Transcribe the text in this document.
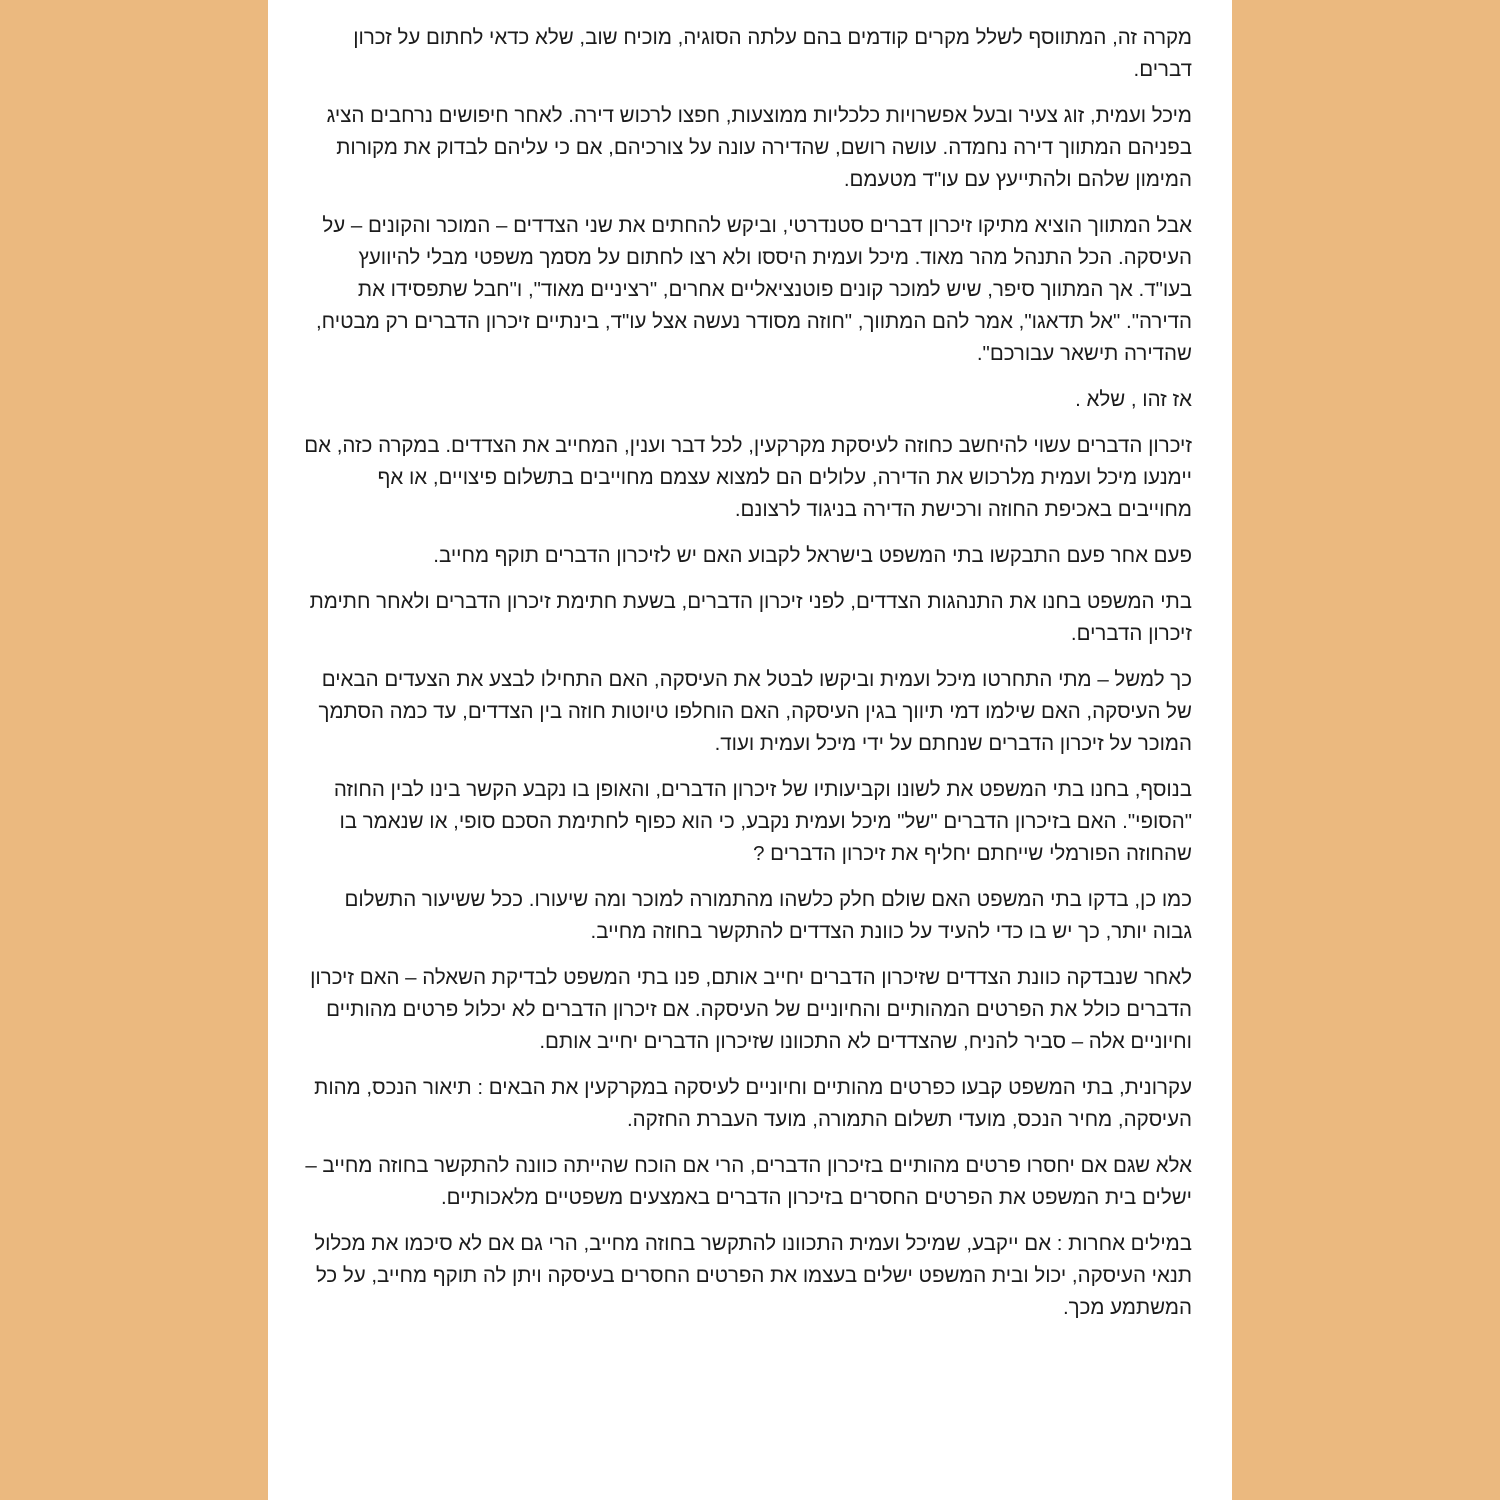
מקרה זה, המתווסף לשלל מקרים קודמים בהם עלתה הסוגיה, מוכיח שוב, שלא כדאי לחתום על זכרון דברים.

מיכל ועמית, זוג צעיר ובעל אפשרויות כלכליות ממוצעות, חפצו לרכוש דירה. לאחר חיפושים נרחבים הציג בפניהם המתווך דירה נחמדה. עושה רושם, שהדירה עונה על צורכיהם, אם כי עליהם לבדוק את מקורות המימון שלהם ולהתייעץ עם עו"ד מטעמם.

אבל המתווך הוציא מתיקו זיכרון דברים סטנדרטי, וביקש להחתים את שני הצדדים – המוכר והקונים – על העיסקה. הכל התנהל מהר מאוד. מיכל ועמית היססו ולא רצו לחתום על מסמך משפטי מבלי להיוועץ בעו"ד. אך המתווך סיפר, שיש למוכר קונים פוטנציאליים אחרים, "רציניים מאוד", ו"חבל שתפסידו את הדירה". "אל תדאגו", אמר להם המתווך, "חוזה מסודר נעשה אצל עו"ד, בינתיים זיכרון הדברים רק מבטיח, שהדירה תישאר עבורכם".

אז זהו , שלא .

זיכרון הדברים עשוי להיחשב כחוזה לעיסקת מקרקעין, לכל דבר וענין, המחייב את הצדדים. במקרה כזה, אם יימנעו מיכל ועמית מלרכוש את הדירה, עלולים הם למצוא עצמם מחוייבים בתשלום פיצויים, או אף מחוייבים באכיפת החוזה ורכישת הדירה בניגוד לרצונם.

פעם אחר פעם התבקשו בתי המשפט בישראל לקבוע האם יש לזיכרון הדברים תוקף מחייב.

בתי המשפט בחנו את התנהגות הצדדים, לפני זיכרון הדברים, בשעת חתימת זיכרון הדברים ולאחר חתימת זיכרון הדברים.

כך למשל – מתי התחרטו מיכל ועמית וביקשו לבטל את העיסקה, האם התחילו לבצע את הצעדים הבאים של העיסקה, האם שילמו דמי תיווך בגין העיסקה, האם הוחלפו טיוטות חוזה בין הצדדים, עד כמה הסתמך המוכר על זיכרון הדברים שנחתם על ידי מיכל ועמית ועוד.

בנוסף, בחנו בתי המשפט את לשונו וקביעותיו של זיכרון הדברים, והאופן בו נקבע הקשר בינו לבין החוזה "הסופי". האם בזיכרון הדברים "של" מיכל ועמית נקבע, כי הוא כפוף לחתימת הסכם סופי, או שנאמר בו שהחוזה הפורמלי שייחתם יחליף את זיכרון הדברים ?

כמו כן, בדקו בתי המשפט האם שולם חלק כלשהו מהתמורה למוכר ומה שיעורו. ככל ששיעור התשלום גבוה יותר, כך יש בו כדי להעיד על כוונת הצדדים להתקשר בחוזה מחייב.

לאחר שנבדקה כוונת הצדדים שזיכרון הדברים יחייב אותם, פנו בתי המשפט לבדיקת השאלה – האם זיכרון הדברים כולל את הפרטים המהותיים והחיוניים של העיסקה. אם זיכרון הדברים לא יכלול פרטים מהותיים וחיוניים אלה – סביר להניח, שהצדדים לא התכוונו שזיכרון הדברים יחייב אותם.

עקרונית, בתי המשפט קבעו כפרטים מהותיים וחיוניים לעיסקה במקרקעין את הבאים : תיאור הנכס, מהות העיסקה, מחיר הנכס, מועדי תשלום התמורה, מועד העברת החזקה.

אלא שגם אם יחסרו פרטים מהותיים בזיכרון הדברים, הרי אם הוכח שהייתה כוונה להתקשר בחוזה מחייב – ישלים בית המשפט את הפרטים החסרים בזיכרון הדברים באמצעים משפטיים מלאכותיים.

במילים אחרות : אם ייקבע, שמיכל ועמית התכוונו להתקשר בחוזה מחייב, הרי גם אם לא סיכמו את מכלול תנאי העיסקה, יכול ובית המשפט ישלים בעצמו את הפרטים החסרים בעיסקה ויתן לה תוקף מחייב, על כל המשתמע מכך.
